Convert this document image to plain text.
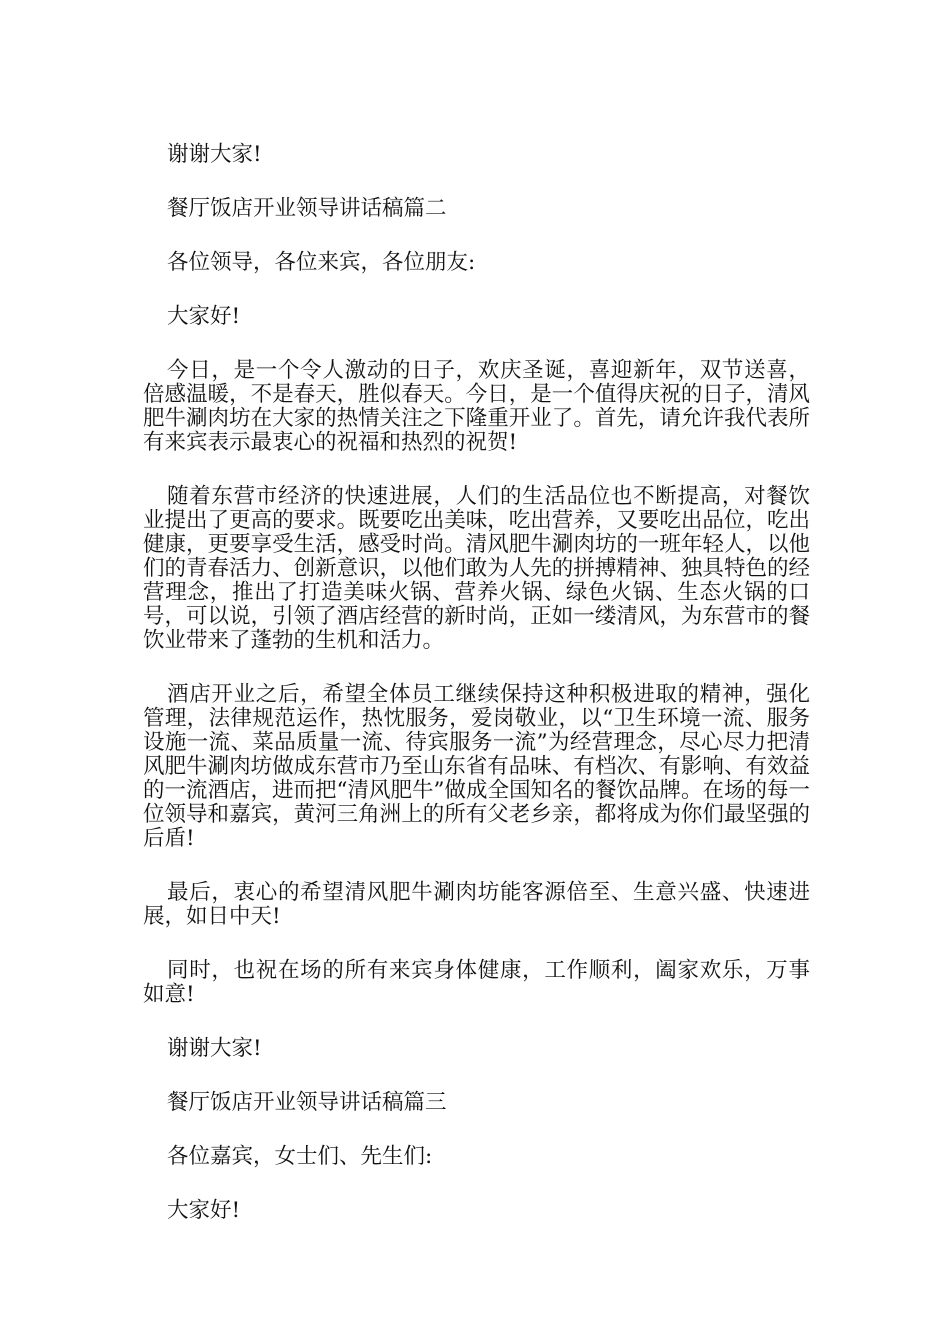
谢谢大家!

餐厅饭店开业领导讲话稿篇二

各位领导，各位来宾，各位朋友:

大家好!

今日，是一个令人激动的日子，欢庆圣诞，喜迎新年，双节送喜，倍感温暖，不是春天，胜似春天。今日，是一个值得庆祝的日子，清风肥牛涮肉坊在大家的热情关注之下隆重开业了。首先，请允许我代表所有来宾表示最衷心的祝福和热烈的祝贺!

随着东营市经济的快速进展，人们的生活品位也不断提高，对餐饮业提出了更高的要求。既要吃出美味，吃出营养，又要吃出品位，吃出健康，更要享受生活，感受时尚。清风肥牛涮肉坊的一班年轻人，以他们的青春活力、创新意识，以他们敢为人先的拼搏精神、独具特色的经营理念，推出了打造美味火锅、营养火锅、绿色火锅、生态火锅的口号，可以说，引领了酒店经营的新时尚，正如一缕清风，为东营市的餐饮业带来了蓬勃的生机和活力。

酒店开业之后，希望全体员工继续保持这种积极进取的精神，强化管理，法律规范运作，热忱服务，爱岗敬业，以“卫生环境一流、服务设施一流、菜品质量一流、待宾服务一流”为经营理念，尽心尽力把清风肥牛涮肉坊做成东营市乃至山东省有品味、有档次、有影响、有效益的一流酒店，进而把“清风肥牛”做成全国知名的餐饮品牌。在场的每一位领导和嘉宾，黄河三角洲上的所有父老乡亲，都将成为你们最坚强的后盾!

最后，衷心的希望清风肥牛涮肉坊能客源倍至、生意兴盛、快速进展，如日中天!

同时，也祝在场的所有来宾身体健康，工作顺利，阖家欢乐，万事如意!

谢谢大家!

餐厅饭店开业领导讲话稿篇三

各位嘉宾，女士们、先生们:

大家好!
